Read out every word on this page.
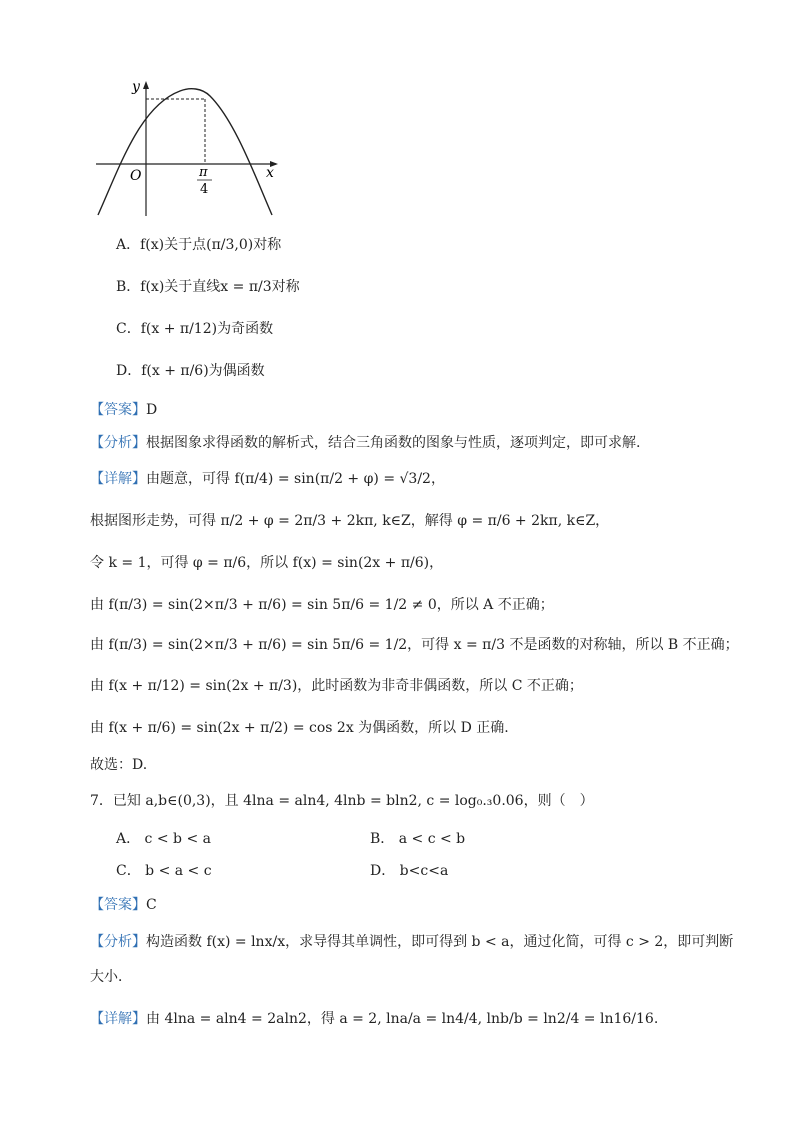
y
x
O	π
4
A．f(x)关于点(π/3,0)对称
B．f(x)关于直线x = π/3对称
C．f(x + π/12)为奇函数
D．f(x + π/6)为偶函数
【答案】D
【分析】根据图象求得函数的解析式，结合三角函数的图象与性质，逐项判定，即可求解.
【详解】由题意，可得 f(π/4) = sin(π/2 + φ) = √3/2，
根据图形走势，可得 π/2 + φ = 2π/3 + 2kπ, k∈Z，解得 φ = π/6 + 2kπ, k∈Z，
令 k = 1，可得 φ = π/6，所以 f(x) = sin(2x + π/6)，
由 f(π/3) = sin(2×π/3 + π/6) = sin 5π/6 = 1/2 ≠ 0，所以 A 不正确；
由 f(π/3) = sin(2×π/3 + π/6) = sin 5π/6 = 1/2，可得 x = π/3 不是函数的对称轴，所以 B 不正确；
由 f(x + π/12) = sin(2x + π/3)，此时函数为非奇非偶函数，所以 C 不正确；
由 f(x + π/6) = sin(2x + π/2) = cos 2x 为偶函数，所以 D 正确.
故选：D.
7．已知 a,b∈(0,3)，且 4lna = aln4, 4lnb = bln2, c = log₀.₃0.06，则（　）
A． c < b < a	B． a < c < b
C． b < a < c	D． b<c<a
【答案】C
【分析】构造函数 f(x) = lnx/x，求导得其单调性，即可得到 b < a，通过化简，可得 c > 2，即可判断
大小．
【详解】由 4lna = aln4 = 2aln2，得 a = 2, lna/a = ln4/4, lnb/b = ln2/4 = ln16/16.
